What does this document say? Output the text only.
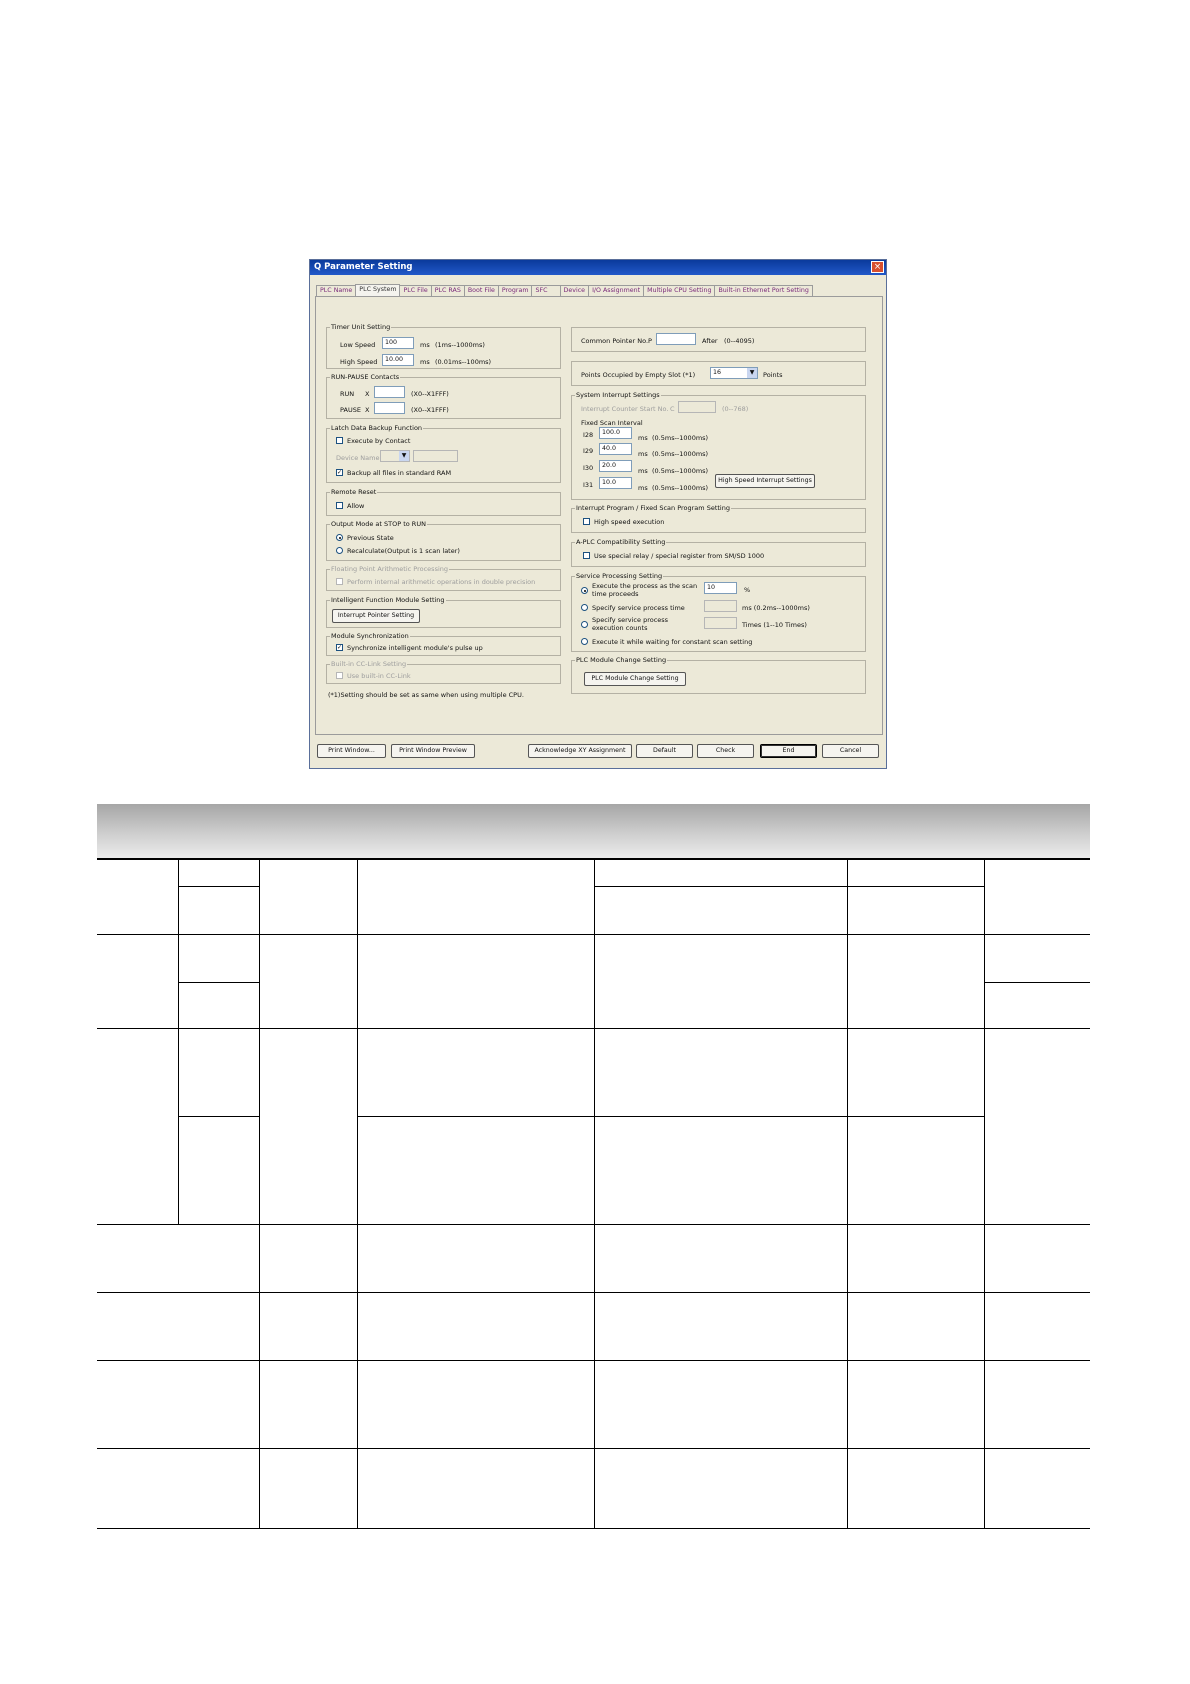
Q Parameter Setting	×
PLC Name	PLC System	PLC File	PLC RAS	Boot File	Program	SFC	Device	I/O Assignment	Multiple CPU Setting	Built-in Ethernet Port Setting
Timer Unit Setting
Low Speed	100	ms (1ms--1000ms)
High Speed	10.00	ms (0.01ms--100ms)
RUN-PAUSE Contacts
RUN X	(X0--X1FFF)
PAUSE X	(X0--X1FFF)
Latch Data Backup Function
Execute by Contact
Device Name	▼
✓ Backup all files in standard RAM
Remote Reset
Allow
Output Mode at STOP to RUN
Previous State
Recalculate(Output is 1 scan later)
Floating Point Arithmetic Processing
Perform internal arithmetic operations in double precision
Intelligent Function Module Setting
Interrupt Pointer Setting
Module Synchronization
✓ Synchronize intelligent module's pulse up
Built-in CC-Link Setting
Use built-in CC-Link
(*1)Setting should be set as same when using multiple CPU.
Common Pointer No. P	After (0--4095)
Points Occupied by Empty Slot (*1)	16	▼	Points
System Interrupt Settings
Interrupt Counter Start No. C	(0--768)
Fixed Scan Interval
I28	100.0
ms (0.5ms--1000ms)
I29	40.0
ms (0.5ms--1000ms)
I30	20.0
ms (0.5ms--1000ms)
I31	10.0
ms (0.5ms--1000ms)
High Speed Interrupt Settings
Interrupt Program / Fixed Scan Program Setting
High speed execution
A-PLC Compatibility Setting
Use special relay / special register from SM/SD 1000
Service Processing Setting
Execute the process as the scan
time proceeds
10	%
Specify service process time	ms (0.2ms--1000ms)
Specify service process
execution counts	Times (1--10 Times)
Execute it while waiting for constant scan setting
PLC Module Change Setting
PLC Module Change Setting
Print Window...	Print Window Preview	Acknowledge XY Assignment	Default	Check	End	Cancel
